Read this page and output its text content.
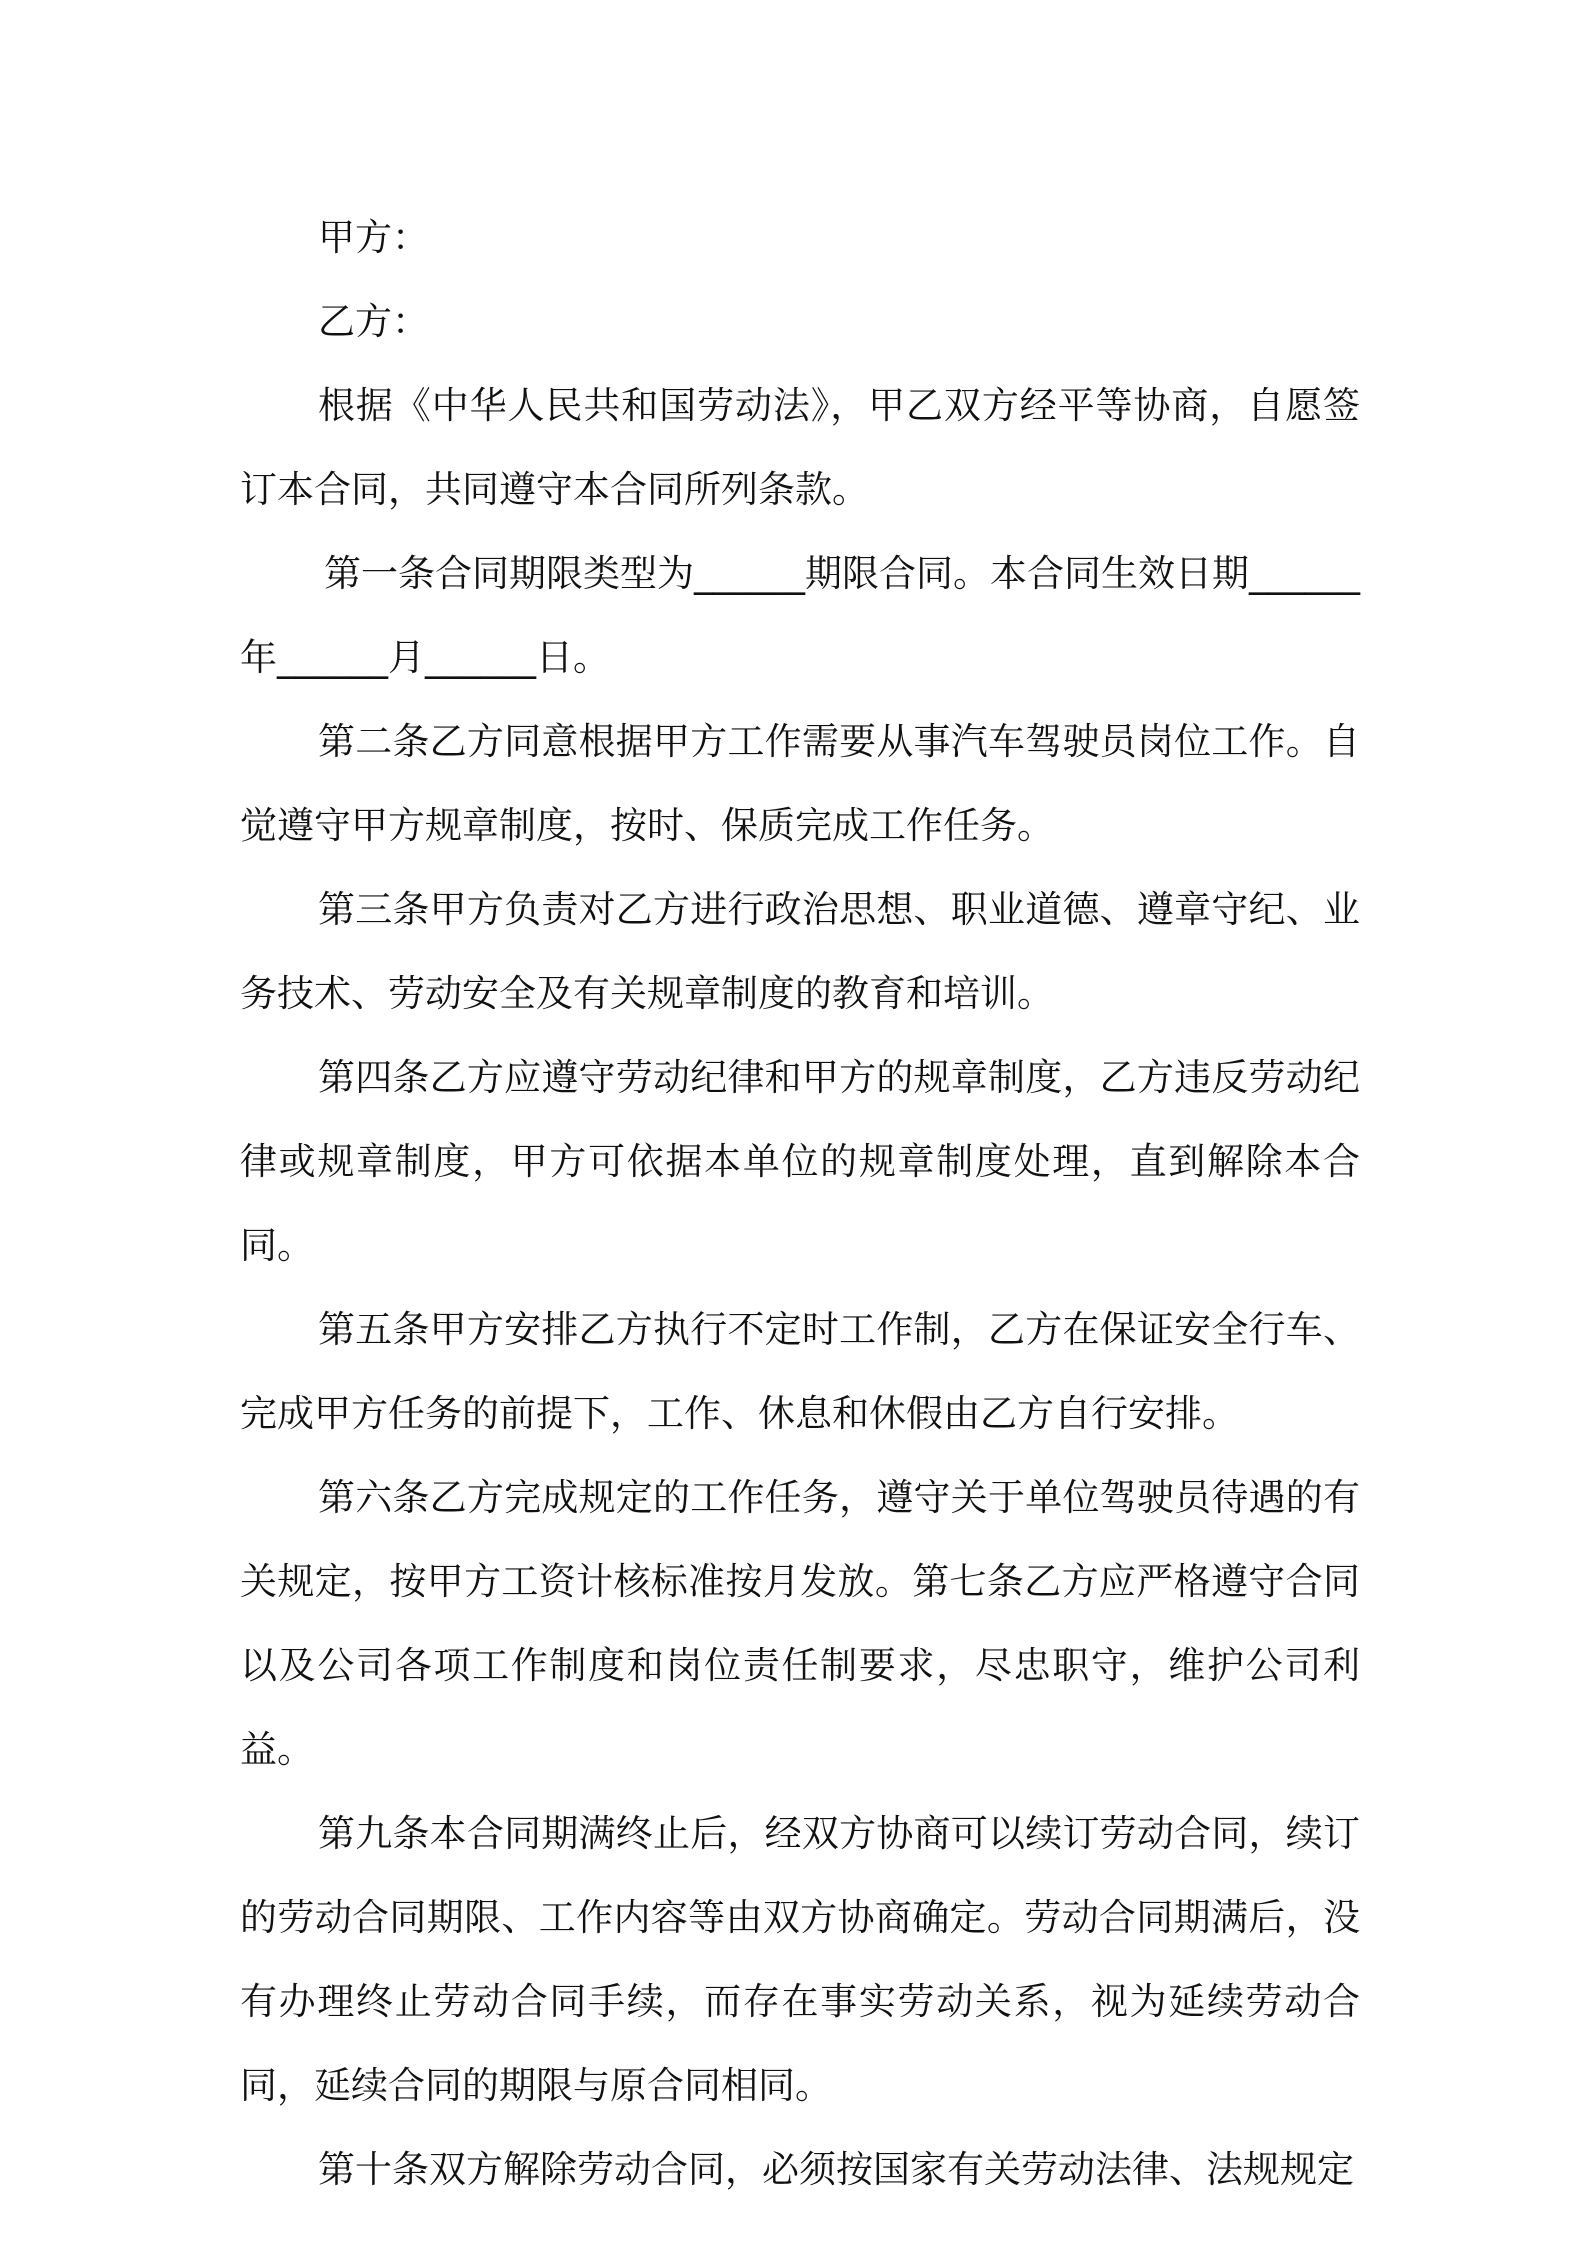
甲方：

乙方：

根据《中华人民共和国劳动法》，甲乙双方经平等协商，自愿签订本合同，共同遵守本合同所列条款。

第一条合同期限类型为______期限合同。本合同生效日期______年______月______日。

第二条乙方同意根据甲方工作需要从事汽车驾驶员岗位工作。自觉遵守甲方规章制度，按时、保质完成工作任务。

第三条甲方负责对乙方进行政治思想、职业道德、遵章守纪、业务技术、劳动安全及有关规章制度的教育和培训。

第四条乙方应遵守劳动纪律和甲方的规章制度，乙方违反劳动纪律或规章制度，甲方可依据本单位的规章制度处理，直到解除本合同。

第五条甲方安排乙方执行不定时工作制，乙方在保证安全行车、完成甲方任务的前提下，工作、休息和休假由乙方自行安排。

第六条乙方完成规定的工作任务，遵守关于单位驾驶员待遇的有关规定，按甲方工资计核标准按月发放。第七条乙方应严格遵守合同以及公司各项工作制度和岗位责任制要求，尽忠职守，维护公司利益。

第九条本合同期满终止后，经双方协商可以续订劳动合同，续订的劳动合同期限、工作内容等由双方协商确定。劳动合同期满后，没有办理终止劳动合同手续，而存在事实劳动关系，视为延续劳动合同，延续合同的期限与原合同相同。

第十条双方解除劳动合同，必须按国家有关劳动法律、法规规定
